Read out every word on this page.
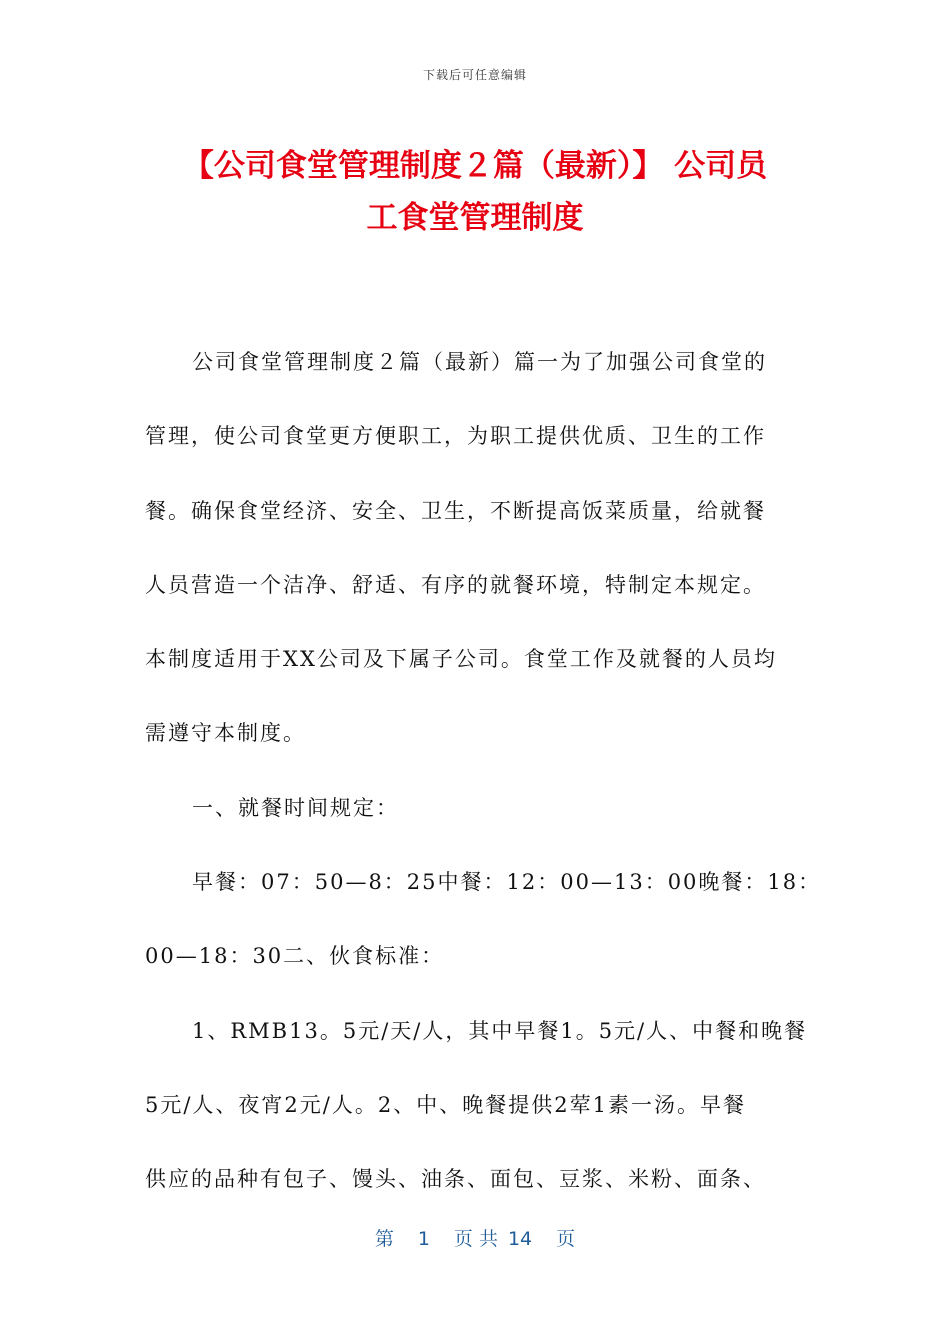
下载后可任意编辑
【公司食堂管理制度２篇（最新）】 公司员
工食堂管理制度
公司食堂管理制度２篇（最新）篇一为了加强公司食堂的
管理，使公司食堂更方便职工，为职工提供优质、卫生的工作
餐。确保食堂经济、安全、卫生，不断提高饭菜质量，给就餐
人员营造一个洁净、舒适、有序的就餐环境，特制定本规定。
本制度适用于XX公司及下属子公司。食堂工作及就餐的人员均
需遵守本制度。
一、就餐时间规定：
早餐：07：50—8：25中餐：12：00—13：00晚餐：18：
00—18：30二、伙食标准：
1、RMB13。5元/天/人，其中早餐1。5元/人、中餐和晚餐
5元/人、夜宵2元/人。2、中、晚餐提供2荤1素一汤。早餐
供应的品种有包子、馒头、油条、面包、豆浆、米粉、面条、
第 1 页 共 14 页
